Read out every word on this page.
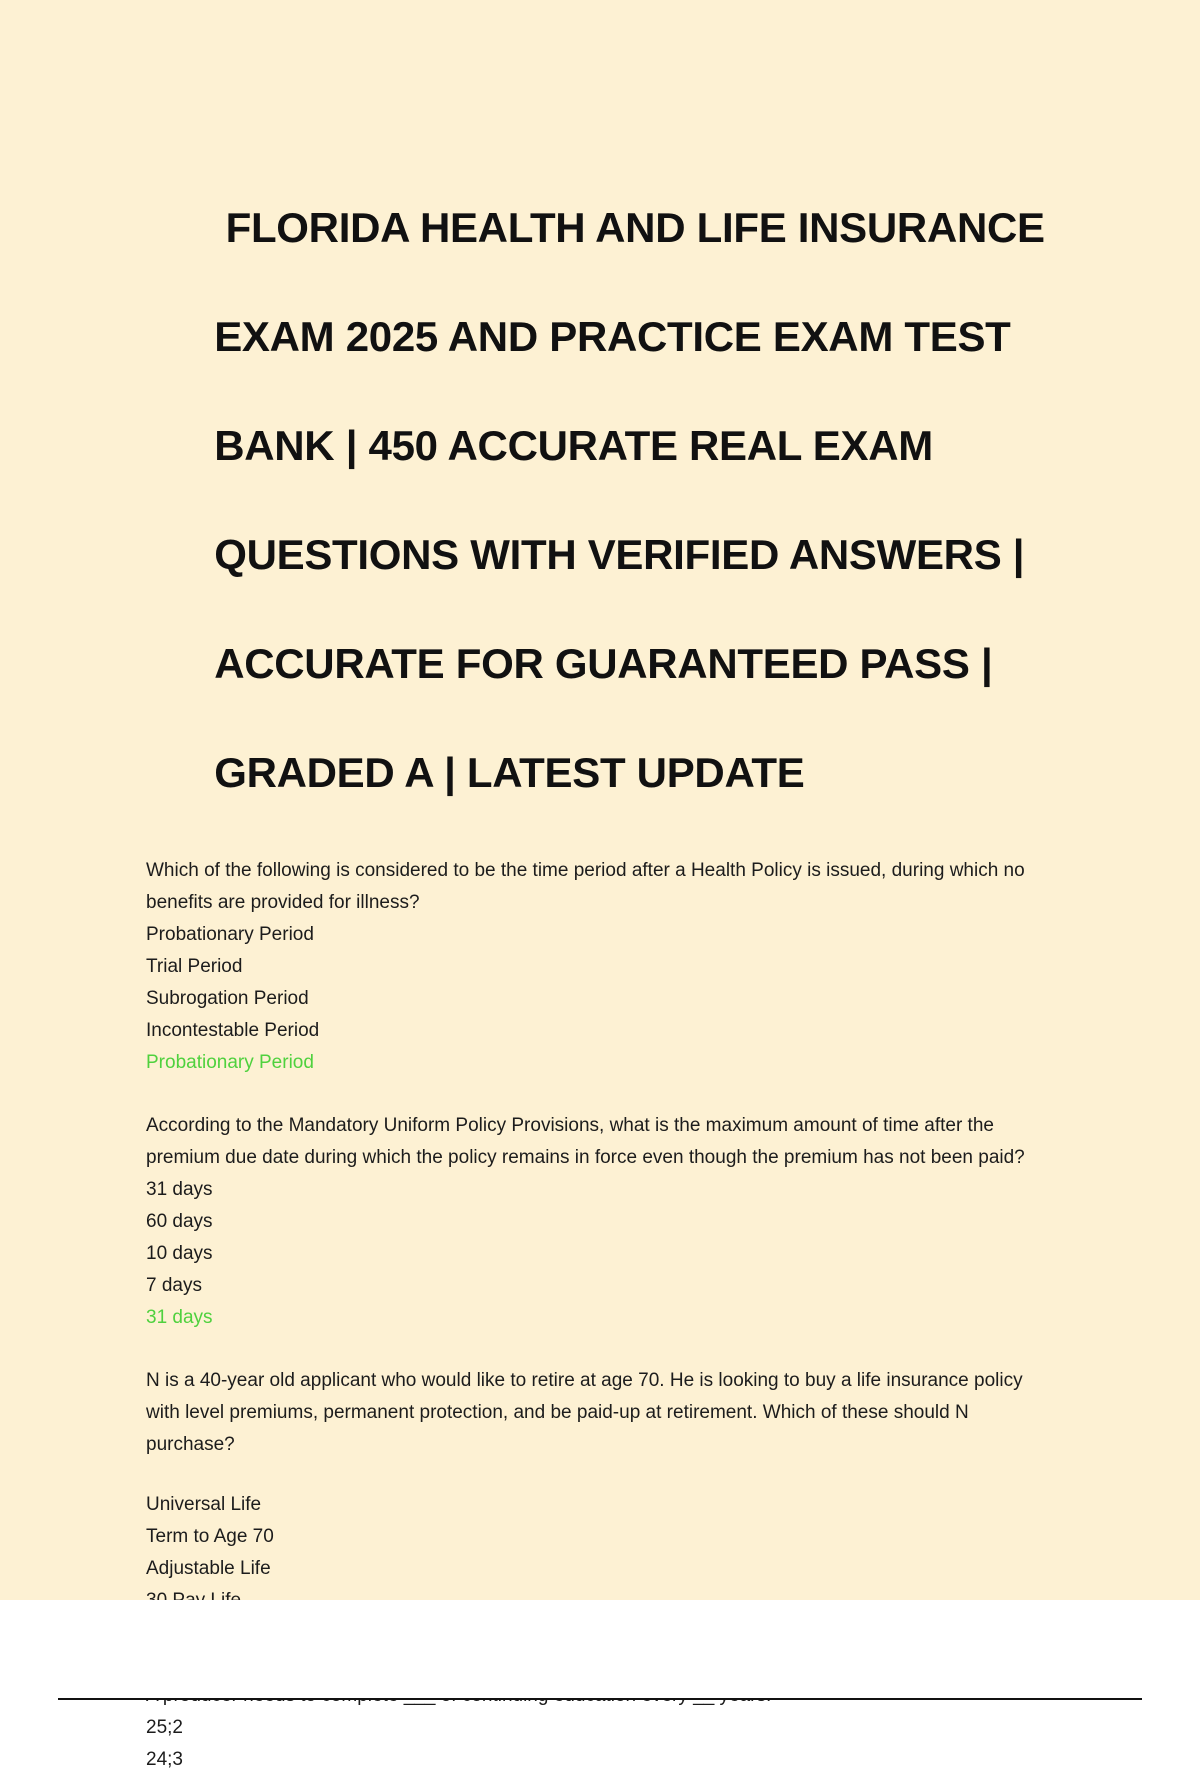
FLORIDA HEALTH AND LIFE INSURANCE

EXAM 2025 AND PRACTICE EXAM TEST

BANK | 450 ACCURATE REAL EXAM

QUESTIONS WITH VERIFIED ANSWERS |

ACCURATE FOR GUARANTEED PASS |

GRADED A | LATEST UPDATE

Which of the following is considered to be the time period after a Health Policy is issued, during which no
benefits are provided for illness?
Probationary Period
Trial Period
Subrogation Period
Incontestable Period
Probationary Period
According to the Mandatory Uniform Policy Provisions, what is the maximum amount of time after the
premium due date during which the policy remains in force even though the premium has not been paid?
31 days
60 days
10 days
7 days
31 days
N is a 40-year old applicant who would like to retire at age 70. He is looking to buy a life insurance policy
with level premiums, permanent protection, and be paid-up at retirement. Which of these should N
purchase?
Universal Life
Term to Age 70
Adjustable Life
25;2
24;3
